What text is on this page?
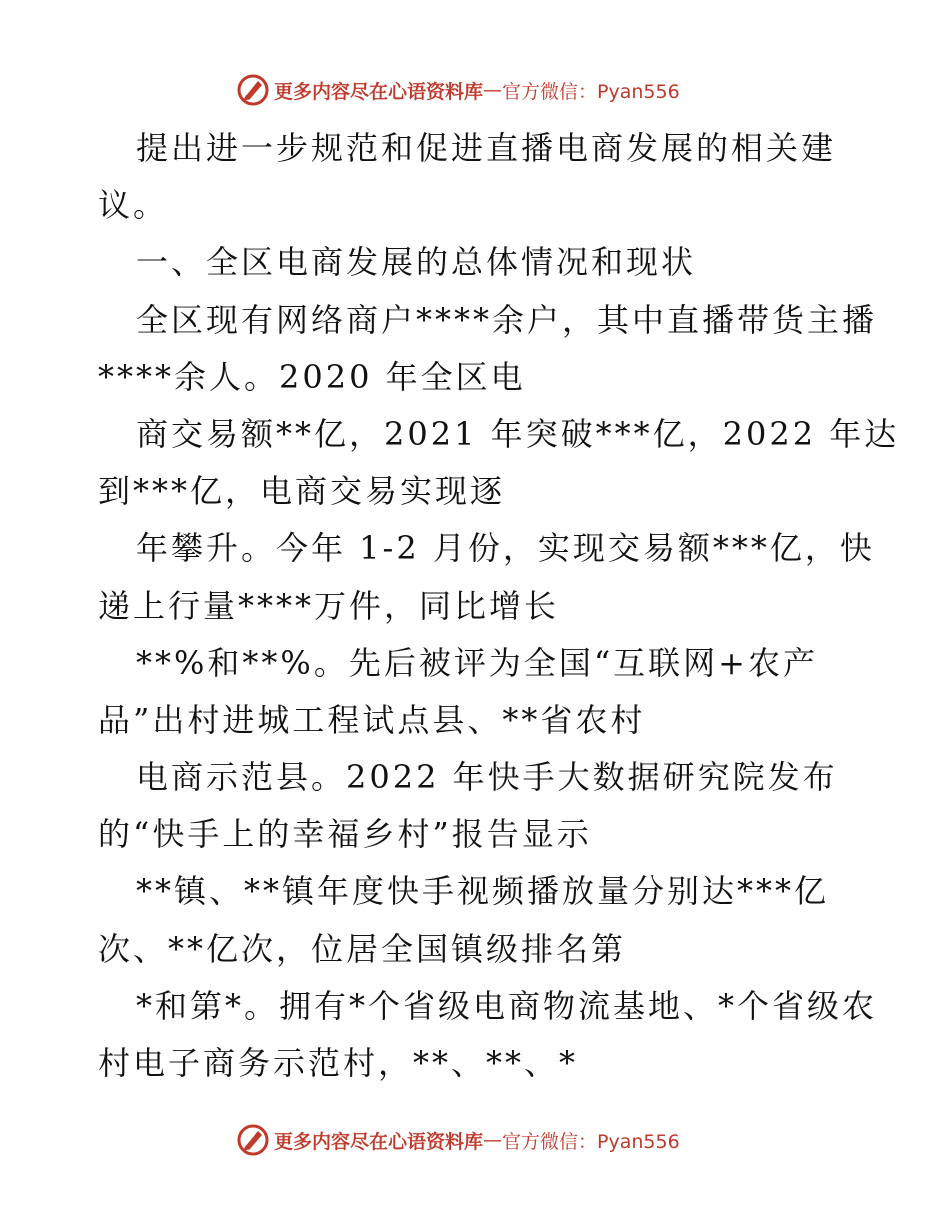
更多内容尽在心语资料库 — 官方微信：Pyan556
提出进一步规范和促进直播电商发展的相关建
议。
一、全区电商发展的总体情况和现状
全区现有网络商户****余户，其中直播带货主播
****余人。2020 年全区电
商交易额**亿，2021 年突破***亿，2022 年达
到***亿，电商交易实现逐
年攀升。今年 1-2 月份，实现交易额***亿，快
递上行量****万件，同比增长
**%和**%。先后被评为全国“互联网+农产
品”出村进城工程试点县、**省农村
电商示范县。2022 年快手大数据研究院发布
的“快手上的幸福乡村”报告显示
**镇、**镇年度快手视频播放量分别达***亿
次、**亿次，位居全国镇级排名第
*和第*。拥有*个省级电商物流基地、*个省级农
村电子商务示范村，**、**、*
更多内容尽在心语资料库 — 官方微信：Pyan556
